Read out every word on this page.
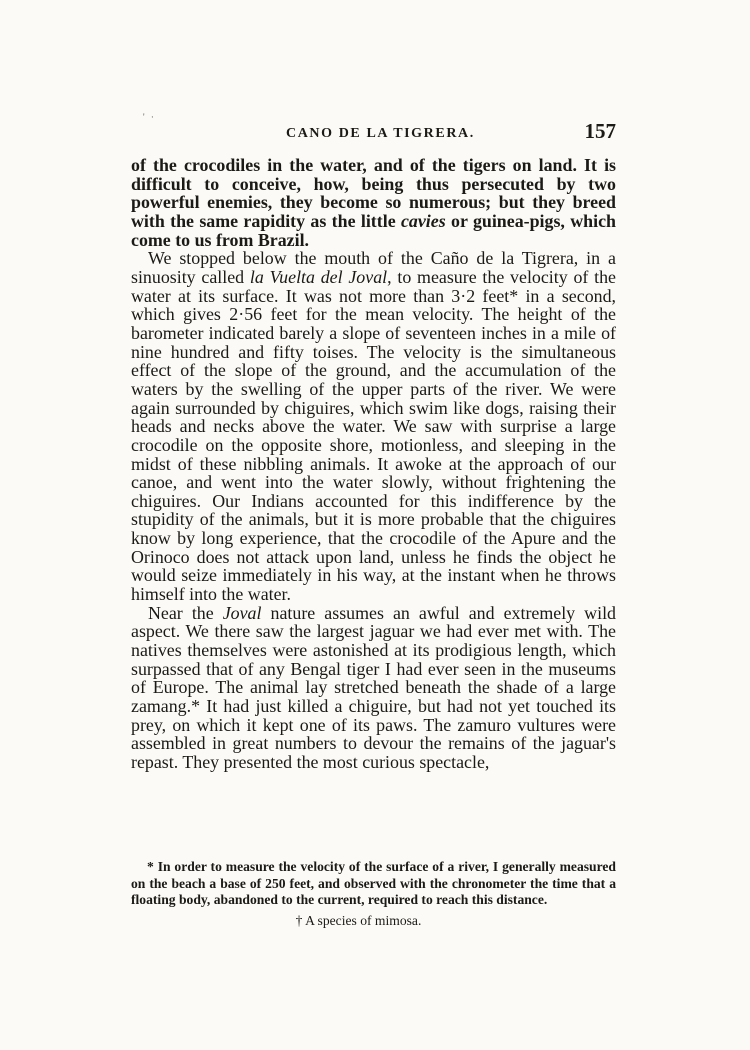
' ·
CANO DE LA TIGRERA.	157

of the crocodiles in the water, and of the tigers on land. It is difficult to conceive, how, being thus persecuted by two powerful enemies, they become so numerous; but they breed with the same rapidity as the little cavies or guinea-pigs, which come to us from Brazil.

We stopped below the mouth of the Caño de la Tigrera, in a sinuosity called la Vuelta del Joval, to measure the velocity of the water at its surface. It was not more than 3·2 feet* in a second, which gives 2·56 feet for the mean velocity. The height of the barometer indicated barely a slope of seventeen inches in a mile of nine hundred and fifty toises. The velocity is the simultaneous effect of the slope of the ground, and the accumulation of the waters by the swelling of the upper parts of the river. We were again surrounded by chiguires, which swim like dogs, raising their heads and necks above the water. We saw with surprise a large crocodile on the opposite shore, motionless, and sleeping in the midst of these nibbling animals. It awoke at the approach of our canoe, and went into the water slowly, without frightening the chiguires. Our Indians accounted for this indifference by the stupidity of the animals, but it is more probable that the chiguires know by long experience, that the crocodile of the Apure and the Orinoco does not attack upon land, unless he finds the object he would seize immediately in his way, at the instant when he throws himself into the water.

Near the Joval nature assumes an awful and extremely wild aspect. We there saw the largest jaguar we had ever met with. The natives themselves were astonished at its prodigious length, which surpassed that of any Bengal tiger I had ever seen in the museums of Europe. The animal lay stretched beneath the shade of a large zamang.* It had just killed a chiguire, but had not yet touched its prey, on which it kept one of its paws. The zamuro vultures were assembled in great numbers to devour the remains of the jaguar's repast. They presented the most curious spectacle,

* In order to measure the velocity of the surface of a river, I generally measured on the beach a base of 250 feet, and observed with the chronometer the time that a floating body, abandoned to the current, required to reach this distance.

† A species of mimosa.
